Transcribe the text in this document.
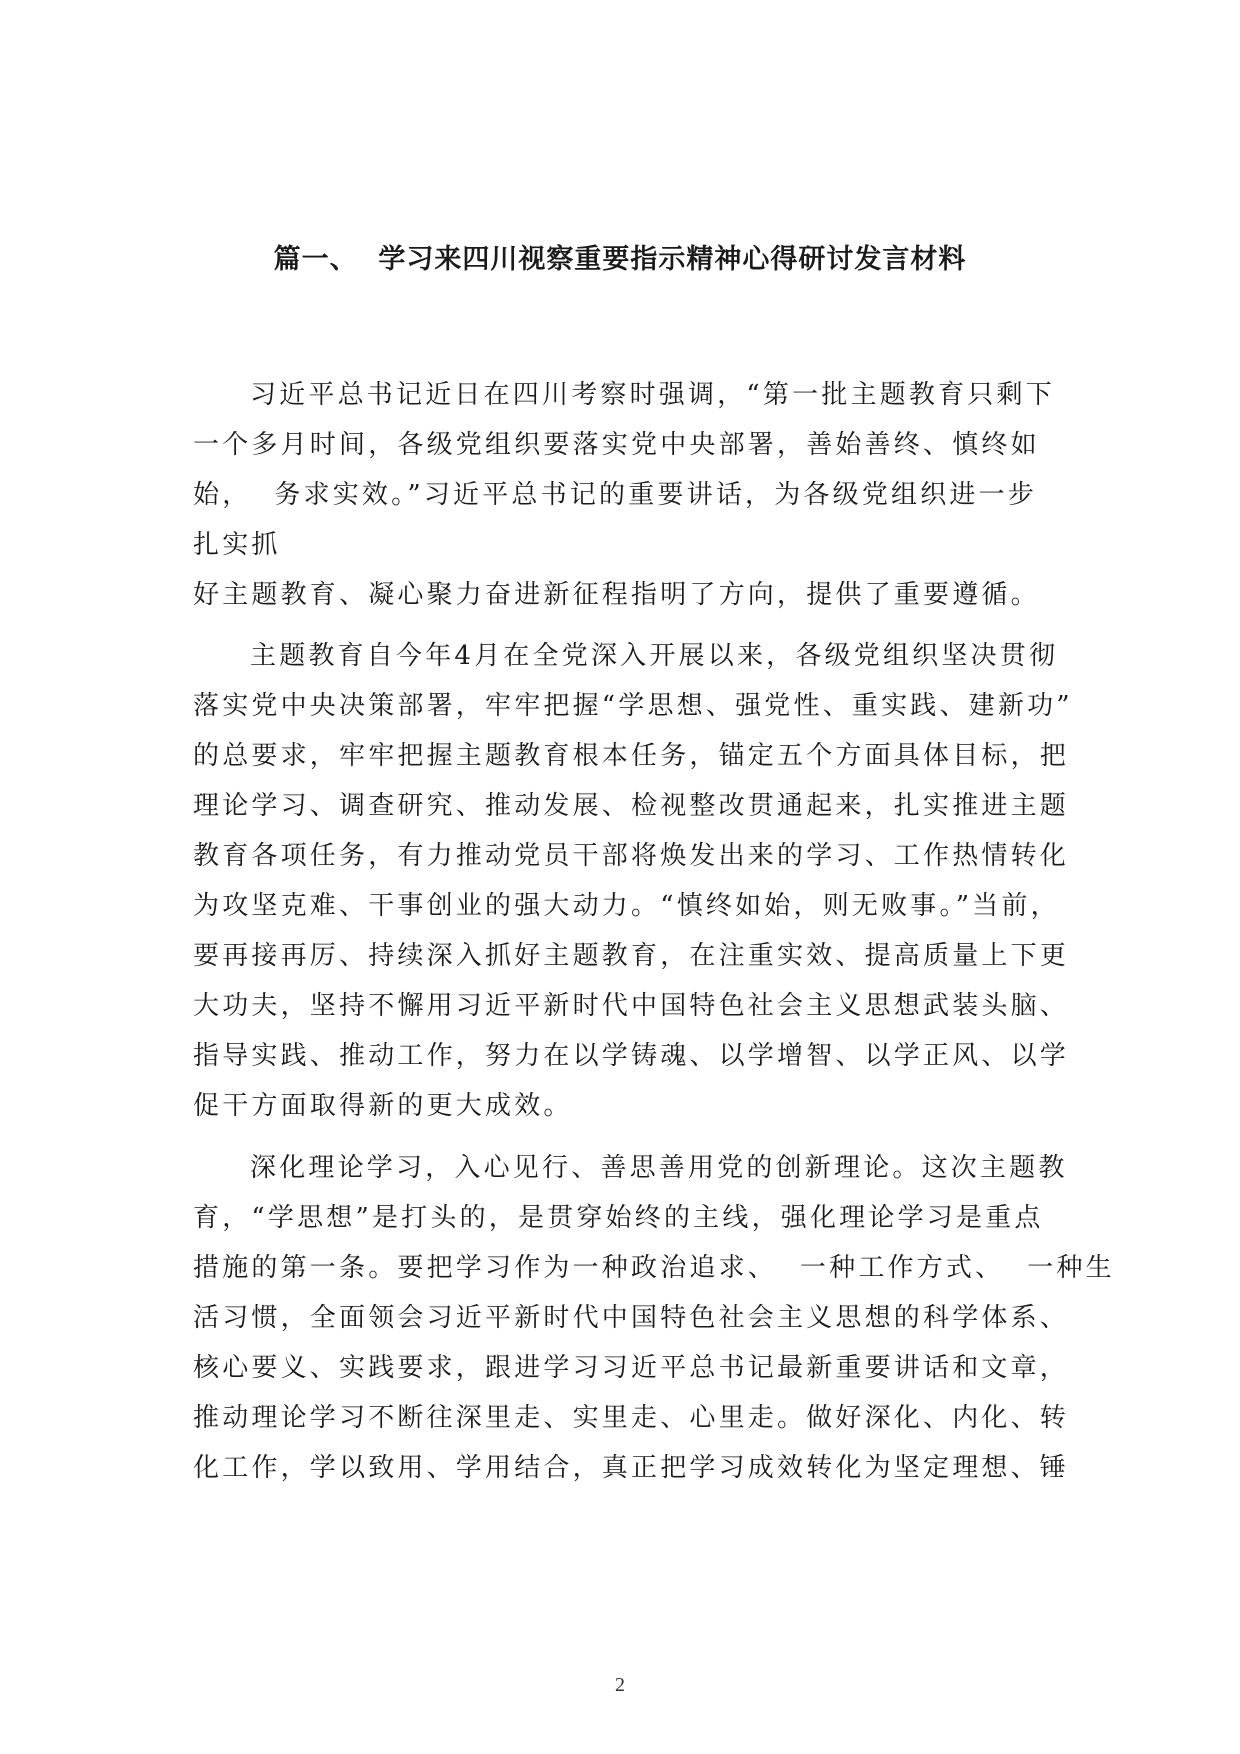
篇一、  学习来四川视察重要指示精神心得研讨发言材料
习近平总书记近日在四川考察时强调，“第一批主题教育只剩下
一个多月时间，各级党组织要落实党中央部署，善始善终、慎终如
始，  务求实效。”习近平总书记的重要讲话，为各级党组织进一步
扎实抓
好主题教育、凝心聚力奋进新征程指明了方向，提供了重要遵循。
主题教育自今年4月在全党深入开展以来，各级党组织坚决贯彻
落实党中央决策部署，牢牢把握“学思想、强党性、重实践、建新功”
的总要求，牢牢把握主题教育根本任务，锚定五个方面具体目标，把
理论学习、调查研究、推动发展、检视整改贯通起来，扎实推进主题
教育各项任务，有力推动党员干部将焕发出来的学习、工作热情转化
为攻坚克难、干事创业的强大动力。“慎终如始，则无败事。”当前，
要再接再厉、持续深入抓好主题教育，在注重实效、提高质量上下更
大功夫，坚持不懈用习近平新时代中国特色社会主义思想武装头脑、
指导实践、推动工作，努力在以学铸魂、以学增智、以学正风、以学
促干方面取得新的更大成效。
深化理论学习，入心见行、善思善用党的创新理论。这次主题教
育，“学思想”是打头的，是贯穿始终的主线，强化理论学习是重点
措施的第一条。要把学习作为一种政治追求、  一种工作方式、  一种生
活习惯，全面领会习近平新时代中国特色社会主义思想的科学体系、
核心要义、实践要求，跟进学习习近平总书记最新重要讲话和文章，
推动理论学习不断往深里走、实里走、心里走。做好深化、内化、转
化工作，学以致用、学用结合，真正把学习成效转化为坚定理想、锤
2
